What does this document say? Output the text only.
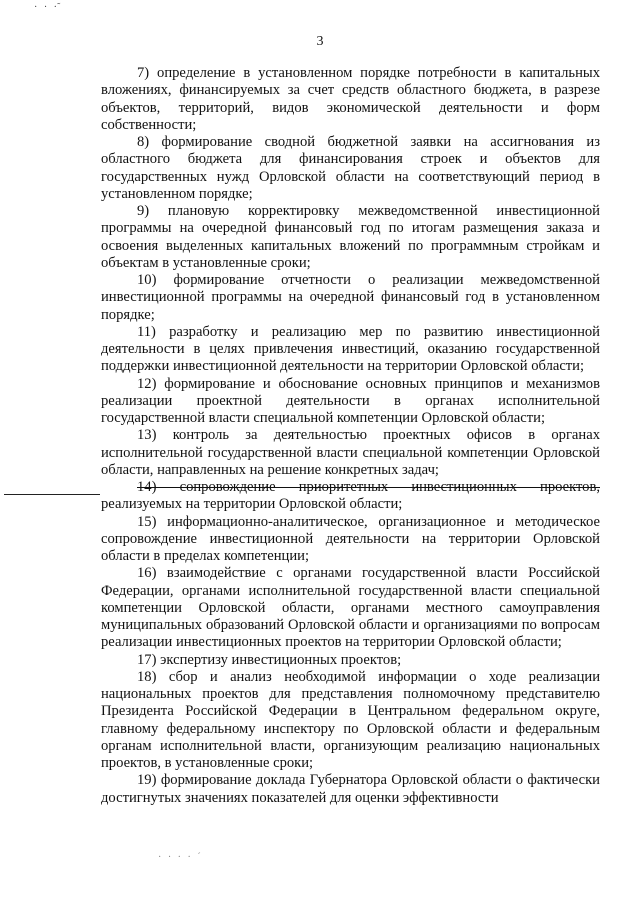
· · ·̃
3

7) определение в установленном порядке потребности в капитальных вложениях, финансируемых за счет средств областного бюджета, в разрезе объектов, территорий, видов экономической деятельности и форм собственности;

8) формирование сводной бюджетной заявки на ассигнования из областного бюджета для финансирования строек и объектов для государственных нужд Орловской области на соответствующий период в установленном порядке;

9) плановую корректировку межведомственной инвестиционной программы на очередной финансовый год по итогам размещения заказа и освоения выделенных капитальных вложений по программным стройкам и объектам в установленные сроки;

10) формирование отчетности о реализации межведомственной инвестиционной программы на очередной финансовый год в установленном порядке;

11) разработку и реализацию мер по развитию инвестиционной деятельности в целях привлечения инвестиций, оказанию государственной поддержки инвестиционной деятельности на территории Орловской области;

12) формирование и обоснование основных принципов и механизмов реализации проектной деятельности в органах исполнительной государственной власти специальной компетенции Орловской области;

13) контроль за деятельностью проектных офисов в органах исполнительной государственной власти специальной компетенции Орловской области, направленных на решение конкретных задач;

14) сопровождение приоритетных инвестиционных проектов, реализуемых на территории Орловской области;

15) информационно-аналитическое, организационное и методическое сопровождение инвестиционной деятельности на территории Орловской области в пределах компетенции;

16) взаимодействие с органами государственной власти Российской Федерации, органами исполнительной государственной власти специальной компетенции Орловской области, органами местного самоуправления муниципальных образований Орловской области и организациями по вопросам реализации инвестиционных проектов на территории Орловской области;

17) экспертизу инвестиционных проектов;

18) сбор и анализ необходимой информации о ходе реализации национальных проектов для представления полномочному представителю Президента Российской Федерации в Центральном федеральном округе, главному федеральному инспектору по Орловской области и федеральным органам исполнительной власти, организующим реализацию национальных проектов, в установленные сроки;

19) формирование доклада Губернатора Орловской области о фактически достигнутых значениях показателей для оценки эффективности

· · · · ´
